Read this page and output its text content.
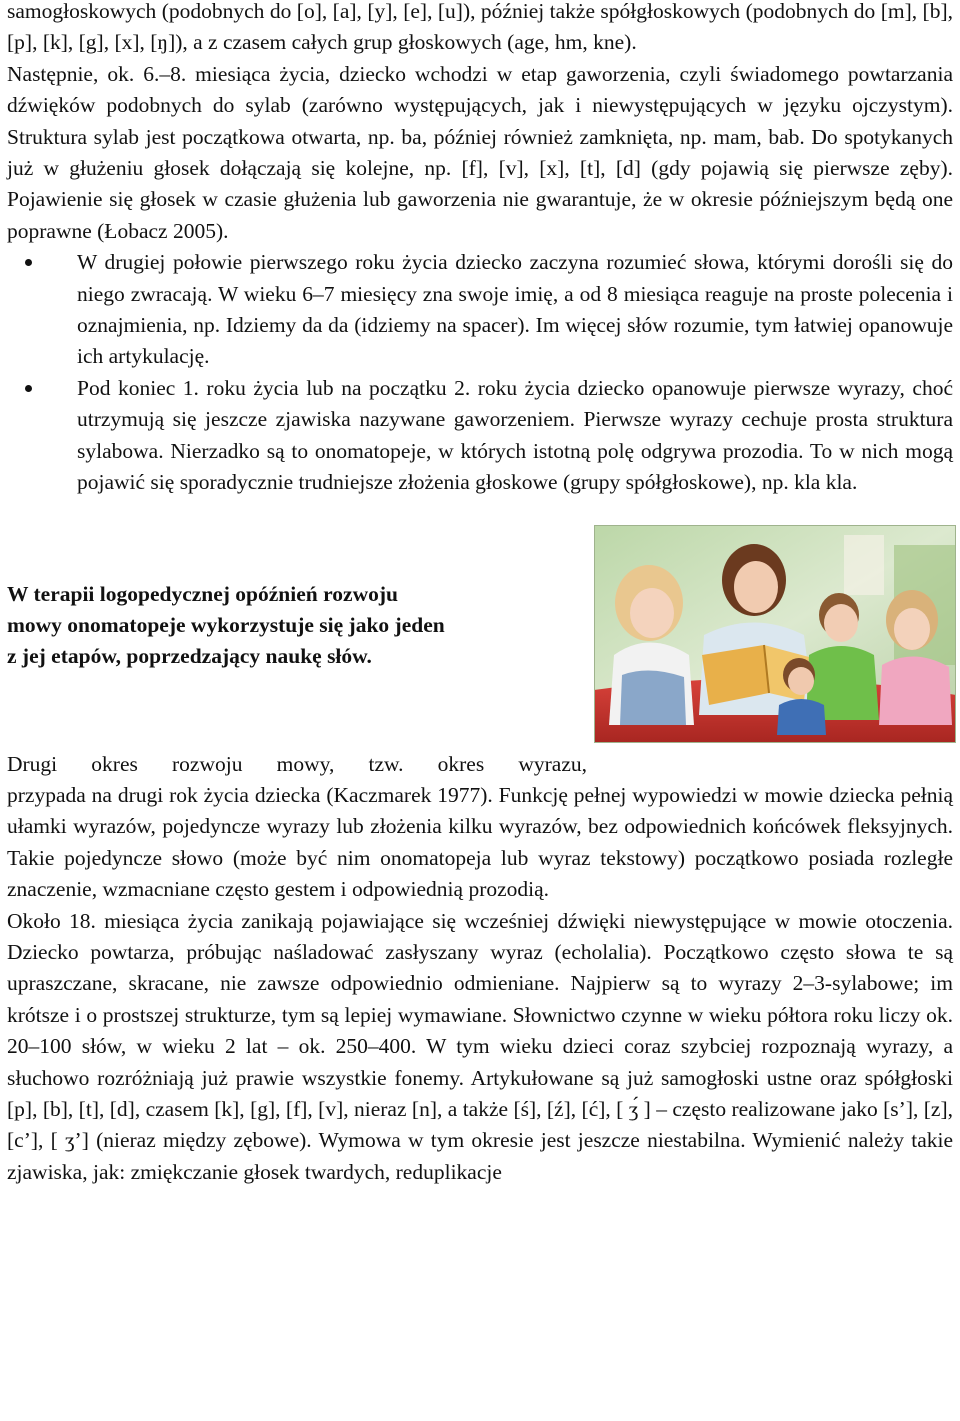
samogłoskowych (podobnych do [o], [a], [y], [e], [u]), później także spółgłoskowych (podobnych do [m], [b], [p], [k], [g], [x], [ŋ]), a z czasem całych grup głoskowych (age, hm, kne).

Następnie, ok. 6.–8. miesiąca życia, dziecko wchodzi w etap gaworzenia, czyli świadomego powtarzania dźwięków podobnych do sylab (zarówno występujących, jak i niewystępujących w języku ojczystym). Struktura sylab jest początkowa otwarta, np. ba, później również zamknięta, np. mam, bab. Do spotykanych już w głużeniu głosek dołączają się kolejne, np. [f], [v], [x], [t], [d] (gdy pojawią się pierwsze zęby). Pojawienie się głosek w czasie głużenia lub gaworzenia nie gwarantuje, że w okresie późniejszym będą one poprawne (Łobacz 2005).

W drugiej połowie pierwszego roku życia dziecko zaczyna rozumieć słowa, którymi dorośli się do niego zwracają. W wieku 6–7 miesięcy zna swoje imię, a od 8 miesiąca reaguje na proste polecenia i oznajmienia, np. Idziemy da da (idziemy na spacer). Im więcej słów rozumie, tym łatwiej opanowuje ich artykulację.
Pod koniec 1. roku życia lub na początku 2. roku życia dziecko opanowuje pierwsze wyrazy, choć utrzymują się jeszcze zjawiska nazywane gaworzeniem. Pierwsze wyrazy cechuje prosta struktura sylabowa. Nierzadko są to onomatopeje, w których istotną polę odgrywa prozodia. To w nich mogą pojawić się sporadycznie trudniejsze złożenia głoskowe (grupy spółgłoskowe), np. kla kla.
W terapii logopedycznej opóźnień rozwoju mowy onomatopeje wykorzystuje się jako jeden z jej etapów, poprzedzający naukę słów.

Drugi okres rozwoju mowy, tzw. okres wyrazu,

przypada na drugi rok życia dziecka (Kaczmarek 1977). Funkcję pełnej wypowiedzi w mowie dziecka pełnią ułamki wyrazów, pojedyncze wyrazy lub złożenia kilku wyrazów, bez odpowiednich końcówek fleksyjnych. Takie pojedyncze słowo (może być nim onomatopeja lub wyraz tekstowy) początkowo posiada rozległe znaczenie, wzmacniane często gestem i odpowiednią prozodią.

Około 18. miesiąca życia zanikają pojawiające się wcześniej dźwięki niewystępujące w mowie otoczenia. Dziecko powtarza, próbując naśladować zasłyszany wyraz (echolalia). Początkowo często słowa te są upraszczane, skracane, nie zawsze odpowiednio odmieniane. Najpierw są to wyrazy 2–3-sylabowe; im krótsze i o prostszej strukturze, tym są lepiej wymawiane. Słownictwo czynne w wieku półtora roku liczy ok. 20–100 słów, w wieku 2 lat – ok. 250–400. W tym wieku dzieci coraz szybciej rozpoznają wyrazy, a słuchowo rozróżniają już prawie wszystkie fonemy. Artykułowane są już samogłoski ustne oraz spółgłoski [p], [b], [t], [d], czasem [k], [g], [f], [v], nieraz [n], a także [ś], [ź], [ć], [ ʒ́ ] – często realizowane jako [s’], [z], [c’], [ ʒ’] (nieraz między zębowe). Wymowa w tym okresie jest jeszcze niestabilna. Wymienić należy takie zjawiska, jak: zmiękczanie głosek twardych, reduplikacje
